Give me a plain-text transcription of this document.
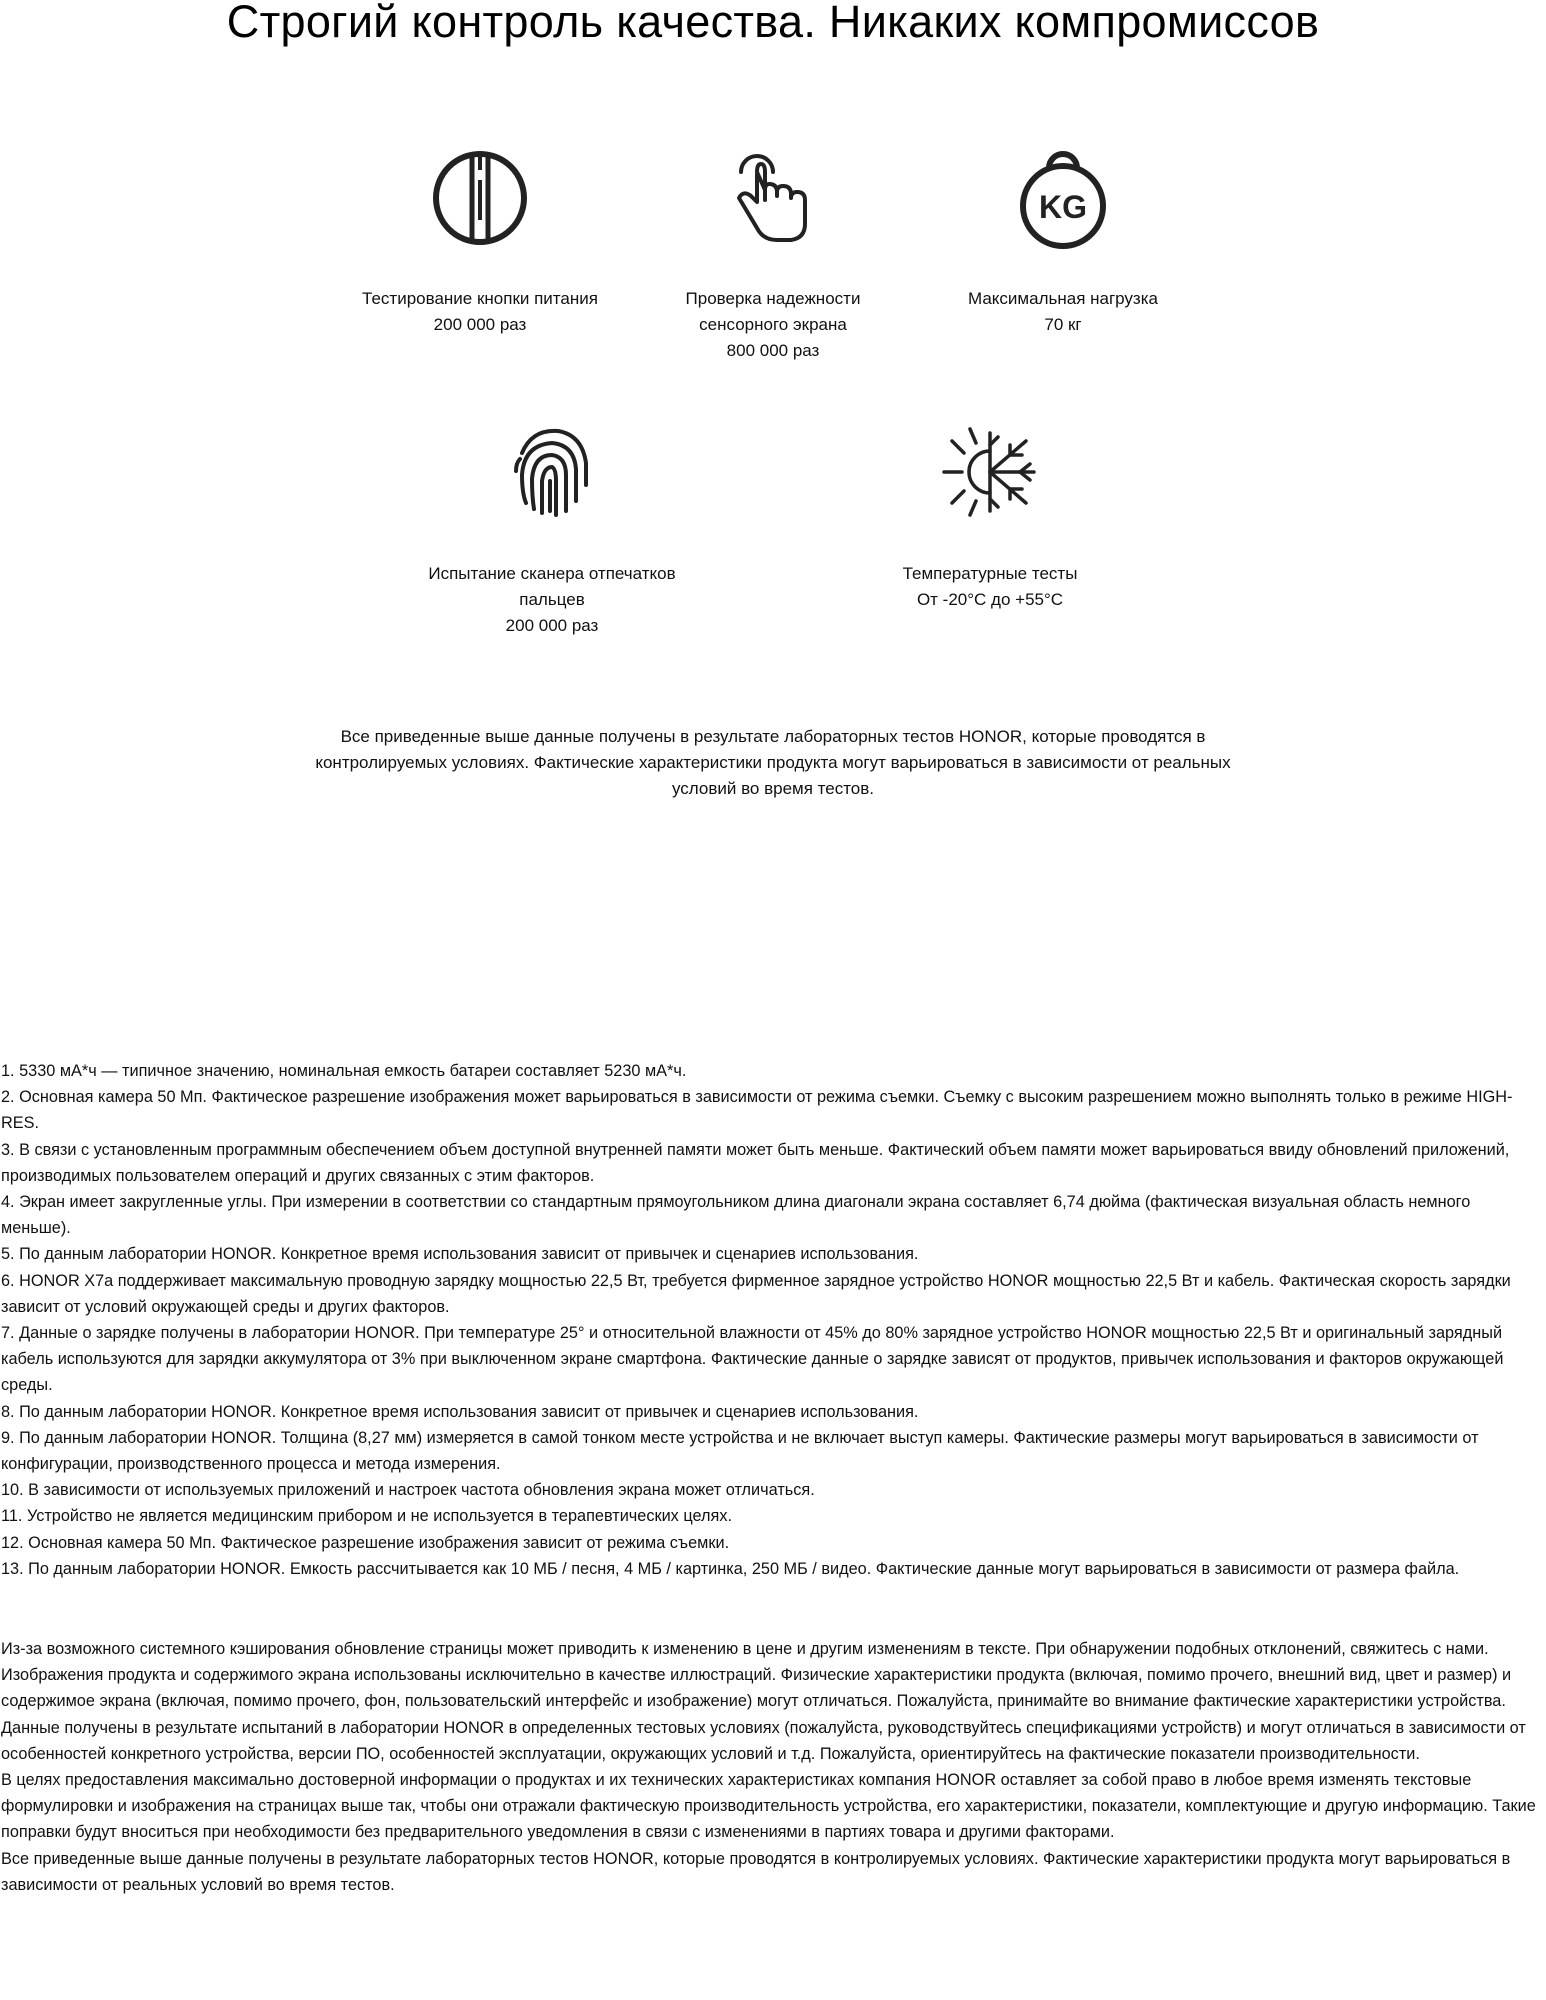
Строгий контроль качества. Никаких компромиссов
Тестирование кнопки питания
200 000 раз
Проверка надежности
сенсорного экрана
800 000 раз
KG
Максимальная нагрузка
70 кг
Испытание сканера отпечатков
пальцев
200 000 раз
Температурные тесты
От -20°C до +55°C
Все приведенные выше данные получены в результате лабораторных тестов HONOR, которые проводятся в контролируемых условиях. Фактические характеристики продукта могут варьироваться в зависимости от реальных условий во время тестов.

1. 5330 мА*ч — типичное значению, номинальная емкость батареи составляет 5230 мА*ч.

2. Основная камера 50 Мп. Фактическое разрешение изображения может варьироваться в зависимости от режима съемки. Съемку с высоким разрешением можно выполнять только в режиме HIGH-RES.

3. В связи с установленным программным обеспечением объем доступной внутренней памяти может быть меньше. Фактический объем памяти может варьироваться ввиду обновлений приложений, производимых пользователем операций и других связанных с этим факторов.

4. Экран имеет закругленные углы. При измерении в соответствии со стандартным прямоугольником длина диагонали экрана составляет 6,74 дюйма (фактическая визуальная область немного меньше).

5. По данным лаборатории HONOR. Конкретное время использования зависит от привычек и сценариев использования.

6. HONOR X7a поддерживает максимальную проводную зарядку мощностью 22,5 Вт, требуется фирменное зарядное устройство HONOR мощностью 22,5 Вт и кабель. Фактическая скорость зарядки зависит от условий окружающей среды и других факторов.

7. Данные о зарядке получены в лаборатории HONOR. При температуре 25° и относительной влажности от 45% до 80% зарядное устройство HONOR мощностью 22,5 Вт и оригинальный зарядный кабель используются для зарядки аккумулятора от 3% при выключенном экране смартфона. Фактические данные о зарядке зависят от продуктов, привычек использования и факторов окружающей среды.

8. По данным лаборатории HONOR. Конкретное время использования зависит от привычек и сценариев использования.

9. По данным лаборатории HONOR. Толщина (8,27 мм) измеряется в самой тонком месте устройства и не включает выступ камеры. Фактические размеры могут варьироваться в зависимости от конфигурации, производственного процесса и метода измерения.

10. В зависимости от используемых приложений и настроек частота обновления экрана может отличаться.

11. Устройство не является медицинским прибором и не используется в терапевтических целях.

12. Основная камера 50 Мп. Фактическое разрешение изображения зависит от режима съемки.

13. По данным лаборатории HONOR. Емкость рассчитывается как 10 МБ / песня, 4 МБ / картинка, 250 МБ / видео. Фактические данные могут варьироваться в зависимости от размера файла.

Из-за возможного системного кэширования обновление страницы может приводить к изменению в цене и другим изменениям в тексте. При обнаружении подобных отклонений, свяжитесь с нами.

Изображения продукта и содержимого экрана использованы исключительно в качестве иллюстраций. Физические характеристики продукта (включая, помимо прочего, внешний вид, цвет и размер) и содержимое экрана (включая, помимо прочего, фон, пользовательский интерфейс и изображение) могут отличаться. Пожалуйста, принимайте во внимание фактические характеристики устройства.

Данные получены в результате испытаний в лаборатории HONOR в определенных тестовых условиях (пожалуйста, руководствуйтесь спецификациями устройств) и могут отличаться в зависимости от особенностей конкретного устройства, версии ПО, особенностей эксплуатации, окружающих условий и т.д. Пожалуйста, ориентируйтесь на фактические показатели производительности.

В целях предоставления максимально достоверной информации о продуктах и их технических характеристиках компания HONOR оставляет за собой право в любое время изменять текстовые формулировки и изображения на страницах выше так, чтобы они отражали фактическую производительность устройства, его характеристики, показатели, комплектующие и другую информацию. Такие поправки будут вноситься при необходимости без предварительного уведомления в связи с изменениями в партиях товара и другими факторами.

Все приведенные выше данные получены в результате лабораторных тестов HONOR, которые проводятся в контролируемых условиях. Фактические характеристики продукта могут варьироваться в зависимости от реальных условий во время тестов.
